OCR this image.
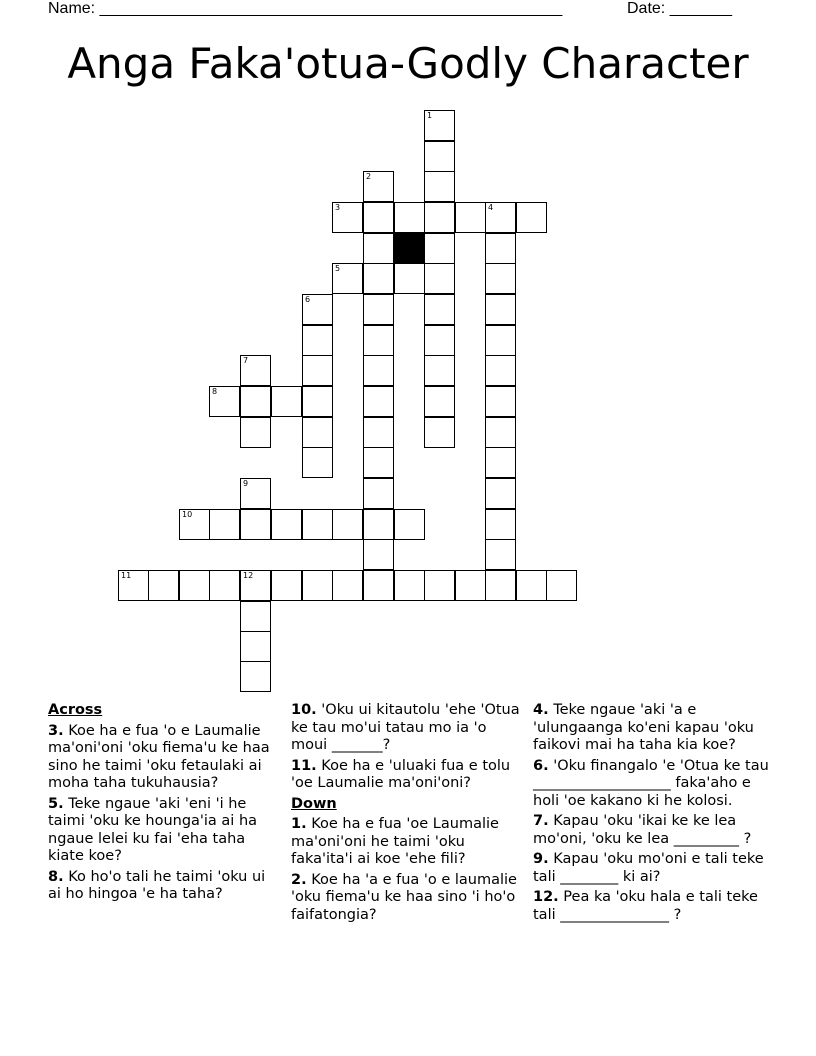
Name: ____________________________________________________	Date: _______
Anga Faka'otua-Godly Character
1
2
3	4
5
6
7
8
9
10
11	12
Across
3. Koe ha e fua 'o e Laumalie ma'oni'oni 'oku fiema'u ke haa sino he taimi 'oku fetaulaki ai moha taha tukuhausia?
5. Teke ngaue 'aki 'eni 'i he taimi 'oku ke hounga'ia ai ha ngaue lelei ku fai 'eha taha kiate koe?
8. Ko ho'o tali he taimi 'oku ui ai ho hingoa 'e ha taha?
10. 'Oku ui kitautolu 'ehe 'Otua ke tau mo'ui tatau mo ia 'o moui _______?
11. Koe ha e 'uluaki fua e tolu 'oe Laumalie ma'oni'oni?
Down
1. Koe ha e fua 'oe Laumalie ma'oni'oni he taimi 'oku faka'ita'i ai koe 'ehe fili?
2. Koe ha 'a e fua 'o e laumalie 'oku fiema'u ke haa sino 'i ho'o faifatongia?
4. Teke ngaue 'aki 'a e 'ulungaanga ko'eni kapau 'oku faikovi mai ha taha kia koe?
6. 'Oku finangalo 'e 'Otua ke tau ___________________ faka'aho e holi 'oe kakano ki he kolosi.
7. Kapau 'oku 'ikai ke ke lea mo'oni, 'oku ke lea _________ ?
9. Kapau 'oku mo'oni e tali teke tali ________ ki ai?
12. Pea ka 'oku hala e tali teke tali _______________ ?
